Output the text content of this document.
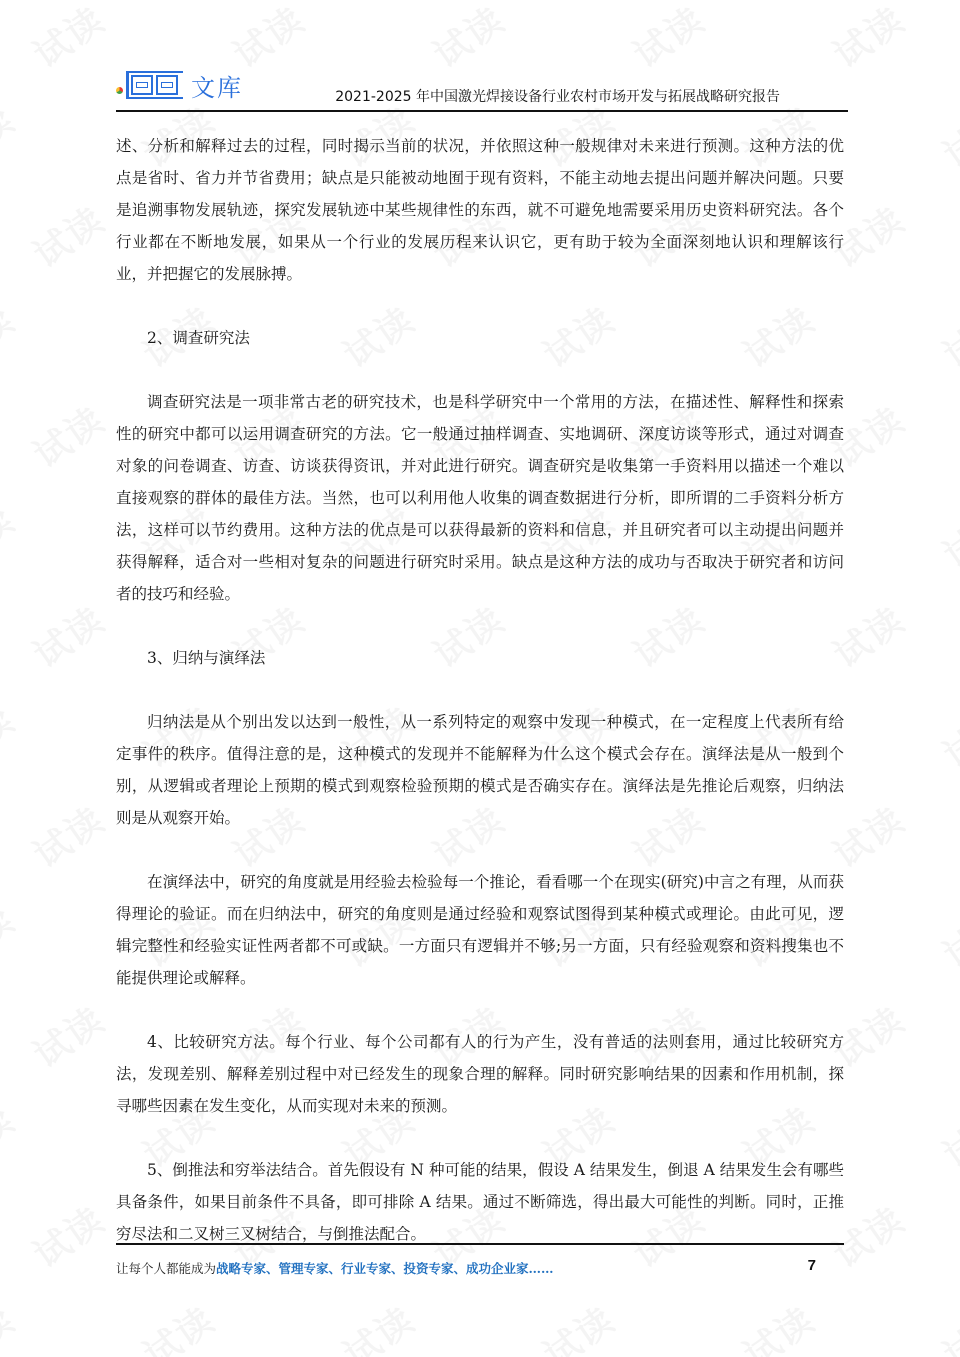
文库	2021-2025 年中国激光焊接设备行业农村市场开发与拓展战略研究报告

述、分析和解释过去的过程，同时揭示当前的状况，并依照这种一般规律对未来进行预测。这种方法的优点是省时、省力并节省费用；缺点是只能被动地囿于现有资料，不能主动地去提出问题并解决问题。只要是追溯事物发展轨迹，探究发展轨迹中某些规律性的东西，就不可避免地需要采用历史资料研究法。各个行业都在不断地发展，如果从一个行业的发展历程来认识它，更有助于较为全面深刻地认识和理解该行业，并把握它的发展脉搏。

2、调查研究法

调查研究法是一项非常古老的研究技术，也是科学研究中一个常用的方法，在描述性、解释性和探索性的研究中都可以运用调查研究的方法。它一般通过抽样调查、实地调研、深度访谈等形式，通过对调查对象的问卷调查、访查、访谈获得资讯，并对此进行研究。调查研究是收集第一手资料用以描述一个难以直接观察的群体的最佳方法。当然，也可以利用他人收集的调查数据进行分析，即所谓的二手资料分析方法，这样可以节约费用。这种方法的优点是可以获得最新的资料和信息，并且研究者可以主动提出问题并获得解释，适合对一些相对复杂的问题进行研究时采用。缺点是这种方法的成功与否取决于研究者和访问者的技巧和经验。

3、归纳与演绎法

归纳法是从个别出发以达到一般性，从一系列特定的观察中发现一种模式，在一定程度上代表所有给定事件的秩序。值得注意的是，这种模式的发现并不能解释为什么这个模式会存在。演绎法是从一般到个别，从逻辑或者理论上预期的模式到观察检验预期的模式是否确实存在。演绎法是先推论后观察，归纳法则是从观察开始。

在演绎法中，研究的角度就是用经验去检验每一个推论，看看哪一个在现实(研究)中言之有理，从而获得理论的验证。而在归纳法中，研究的角度则是通过经验和观察试图得到某种模式或理论。由此可见，逻辑完整性和经验实证性两者都不可或缺。一方面只有逻辑并不够;另一方面，只有经验观察和资料搜集也不能提供理论或解释。

4、比较研究方法。每个行业、每个公司都有人的行为产生，没有普适的法则套用，通过比较研究方法，发现差别、解释差别过程中对已经发生的现象合理的解释。同时研究影响结果的因素和作用机制，探寻哪些因素在发生变化，从而实现对未来的预测。

5、倒推法和穷举法结合。首先假设有 N 种可能的结果，假设 A 结果发生，倒退 A 结果发生会有哪些具备条件，如果目前条件不具备，即可排除 A 结果。通过不断筛选，得出最大可能性的判断。同时，正推穷尽法和二叉树三叉树结合，与倒推法配合。

让每个人都能成为 战略专家、管理专家、行业专家、投资专家、成功企业家……	7
